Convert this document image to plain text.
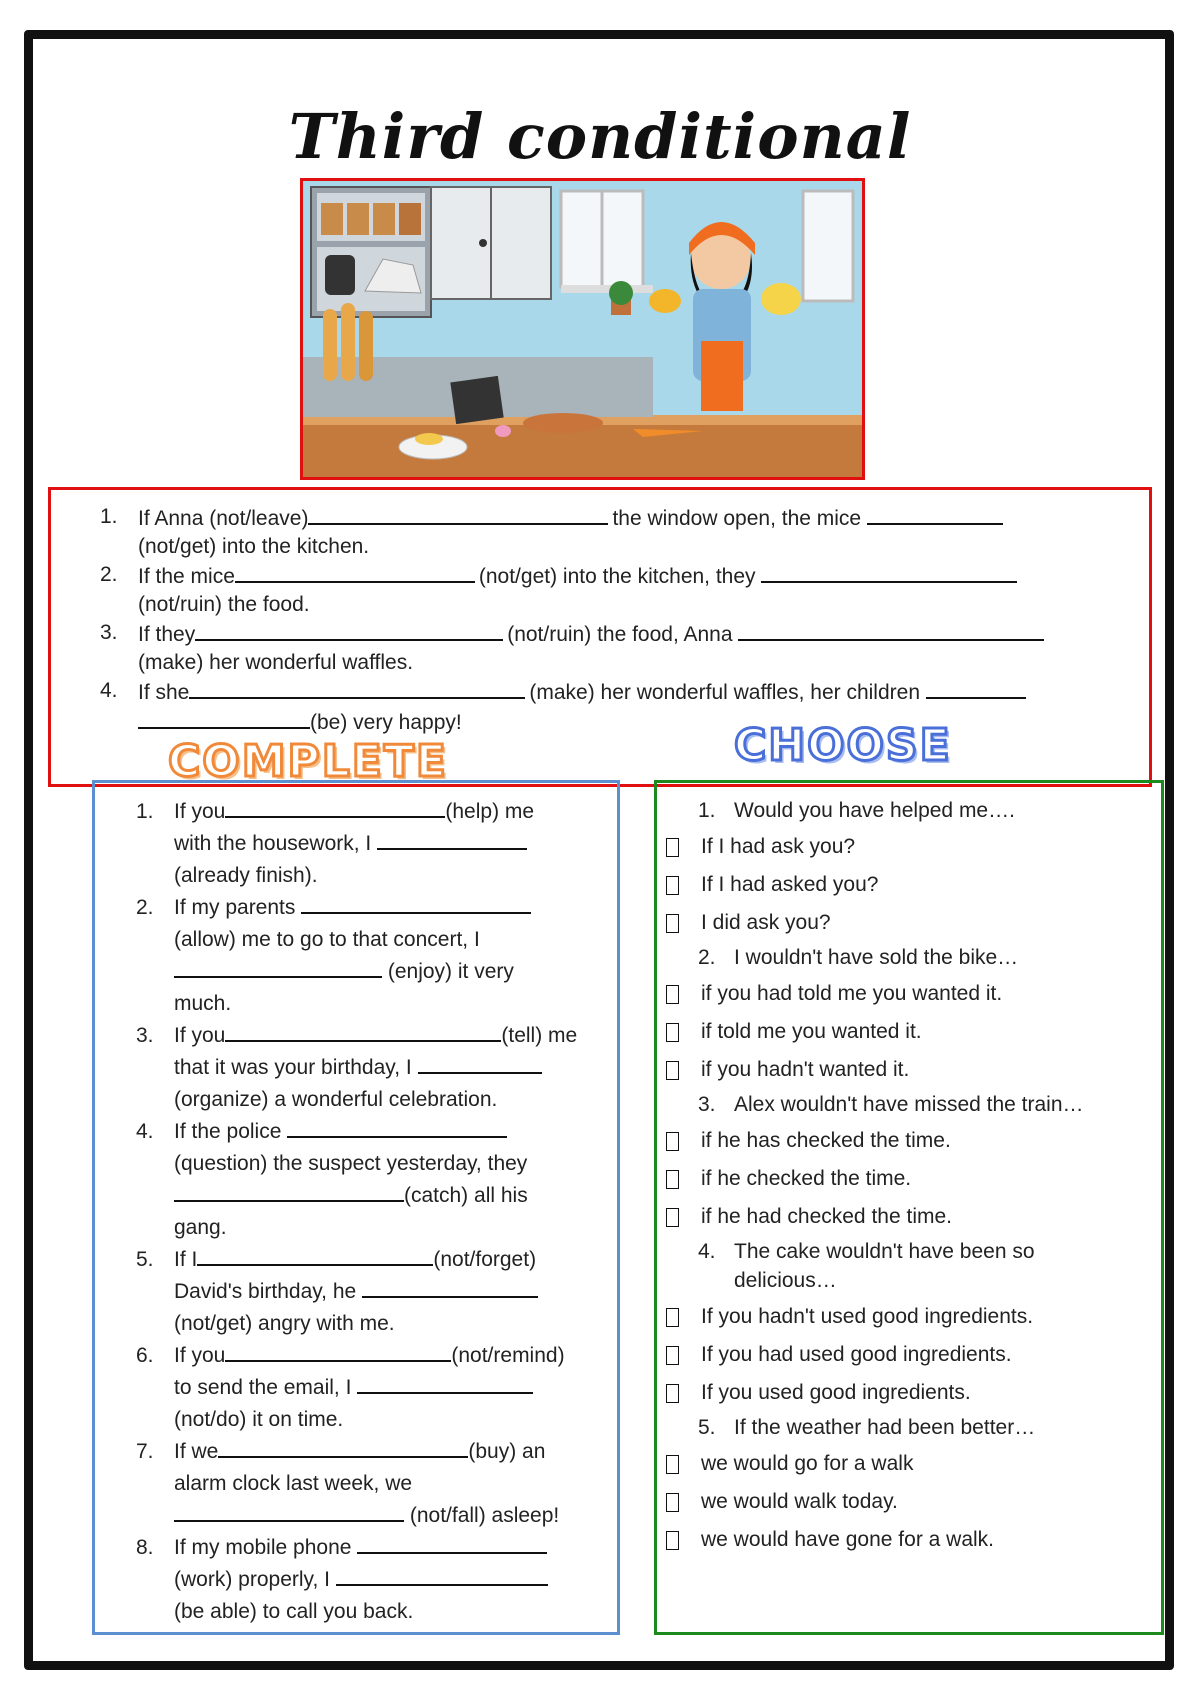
Third conditional
1. If Anna (not/leave)	the window open, the mice
(not/get) into the kitchen.
2. If the mice	(not/get) into the kitchen, they
(not/ruin) the food.
3. If they	(not/ruin) the food, Anna
(make) her wonderful waffles.
4. If she	(make) her wonderful waffles, her children
(be) very happy!
COMPLETE
1. If you	(help) me
with the housework, I
(already finish).
2. If my parents
(allow) me to go to that concert, I
(enjoy) it very
much.
3. If you	(tell) me
that it was your birthday, I
(organize) a wonderful celebration.
4. If the police
(question) the suspect yesterday, they
(catch) all his
gang.
5. If I	(not/forget)
David's birthday, he
(not/get) angry with me.
6. If you	(not/remind)
to send the email, I
(not/do) it on time.
7. If we	(buy) an
alarm clock last week, we
(not/fall) asleep!
8. If my mobile phone
(work) properly, I
(be able) to call you back.
CHOOSE
1. Would you have helped me….
If I had ask you?
If I had asked you?
I did ask you?
2. I wouldn't have sold the bike…
if you had told me you wanted it.
if told me you wanted it.
if you hadn't wanted it.
3. Alex wouldn't have missed the train…
if he has checked the time.
if he checked the time.
if he had checked the time.
4. The cake wouldn't have been so delicious…
If you hadn't used good ingredients.
If you had used good ingredients.
If you used good ingredients.
5. If the weather had been better…
we would go for a walk
we would walk today.
we would have gone for a walk.
